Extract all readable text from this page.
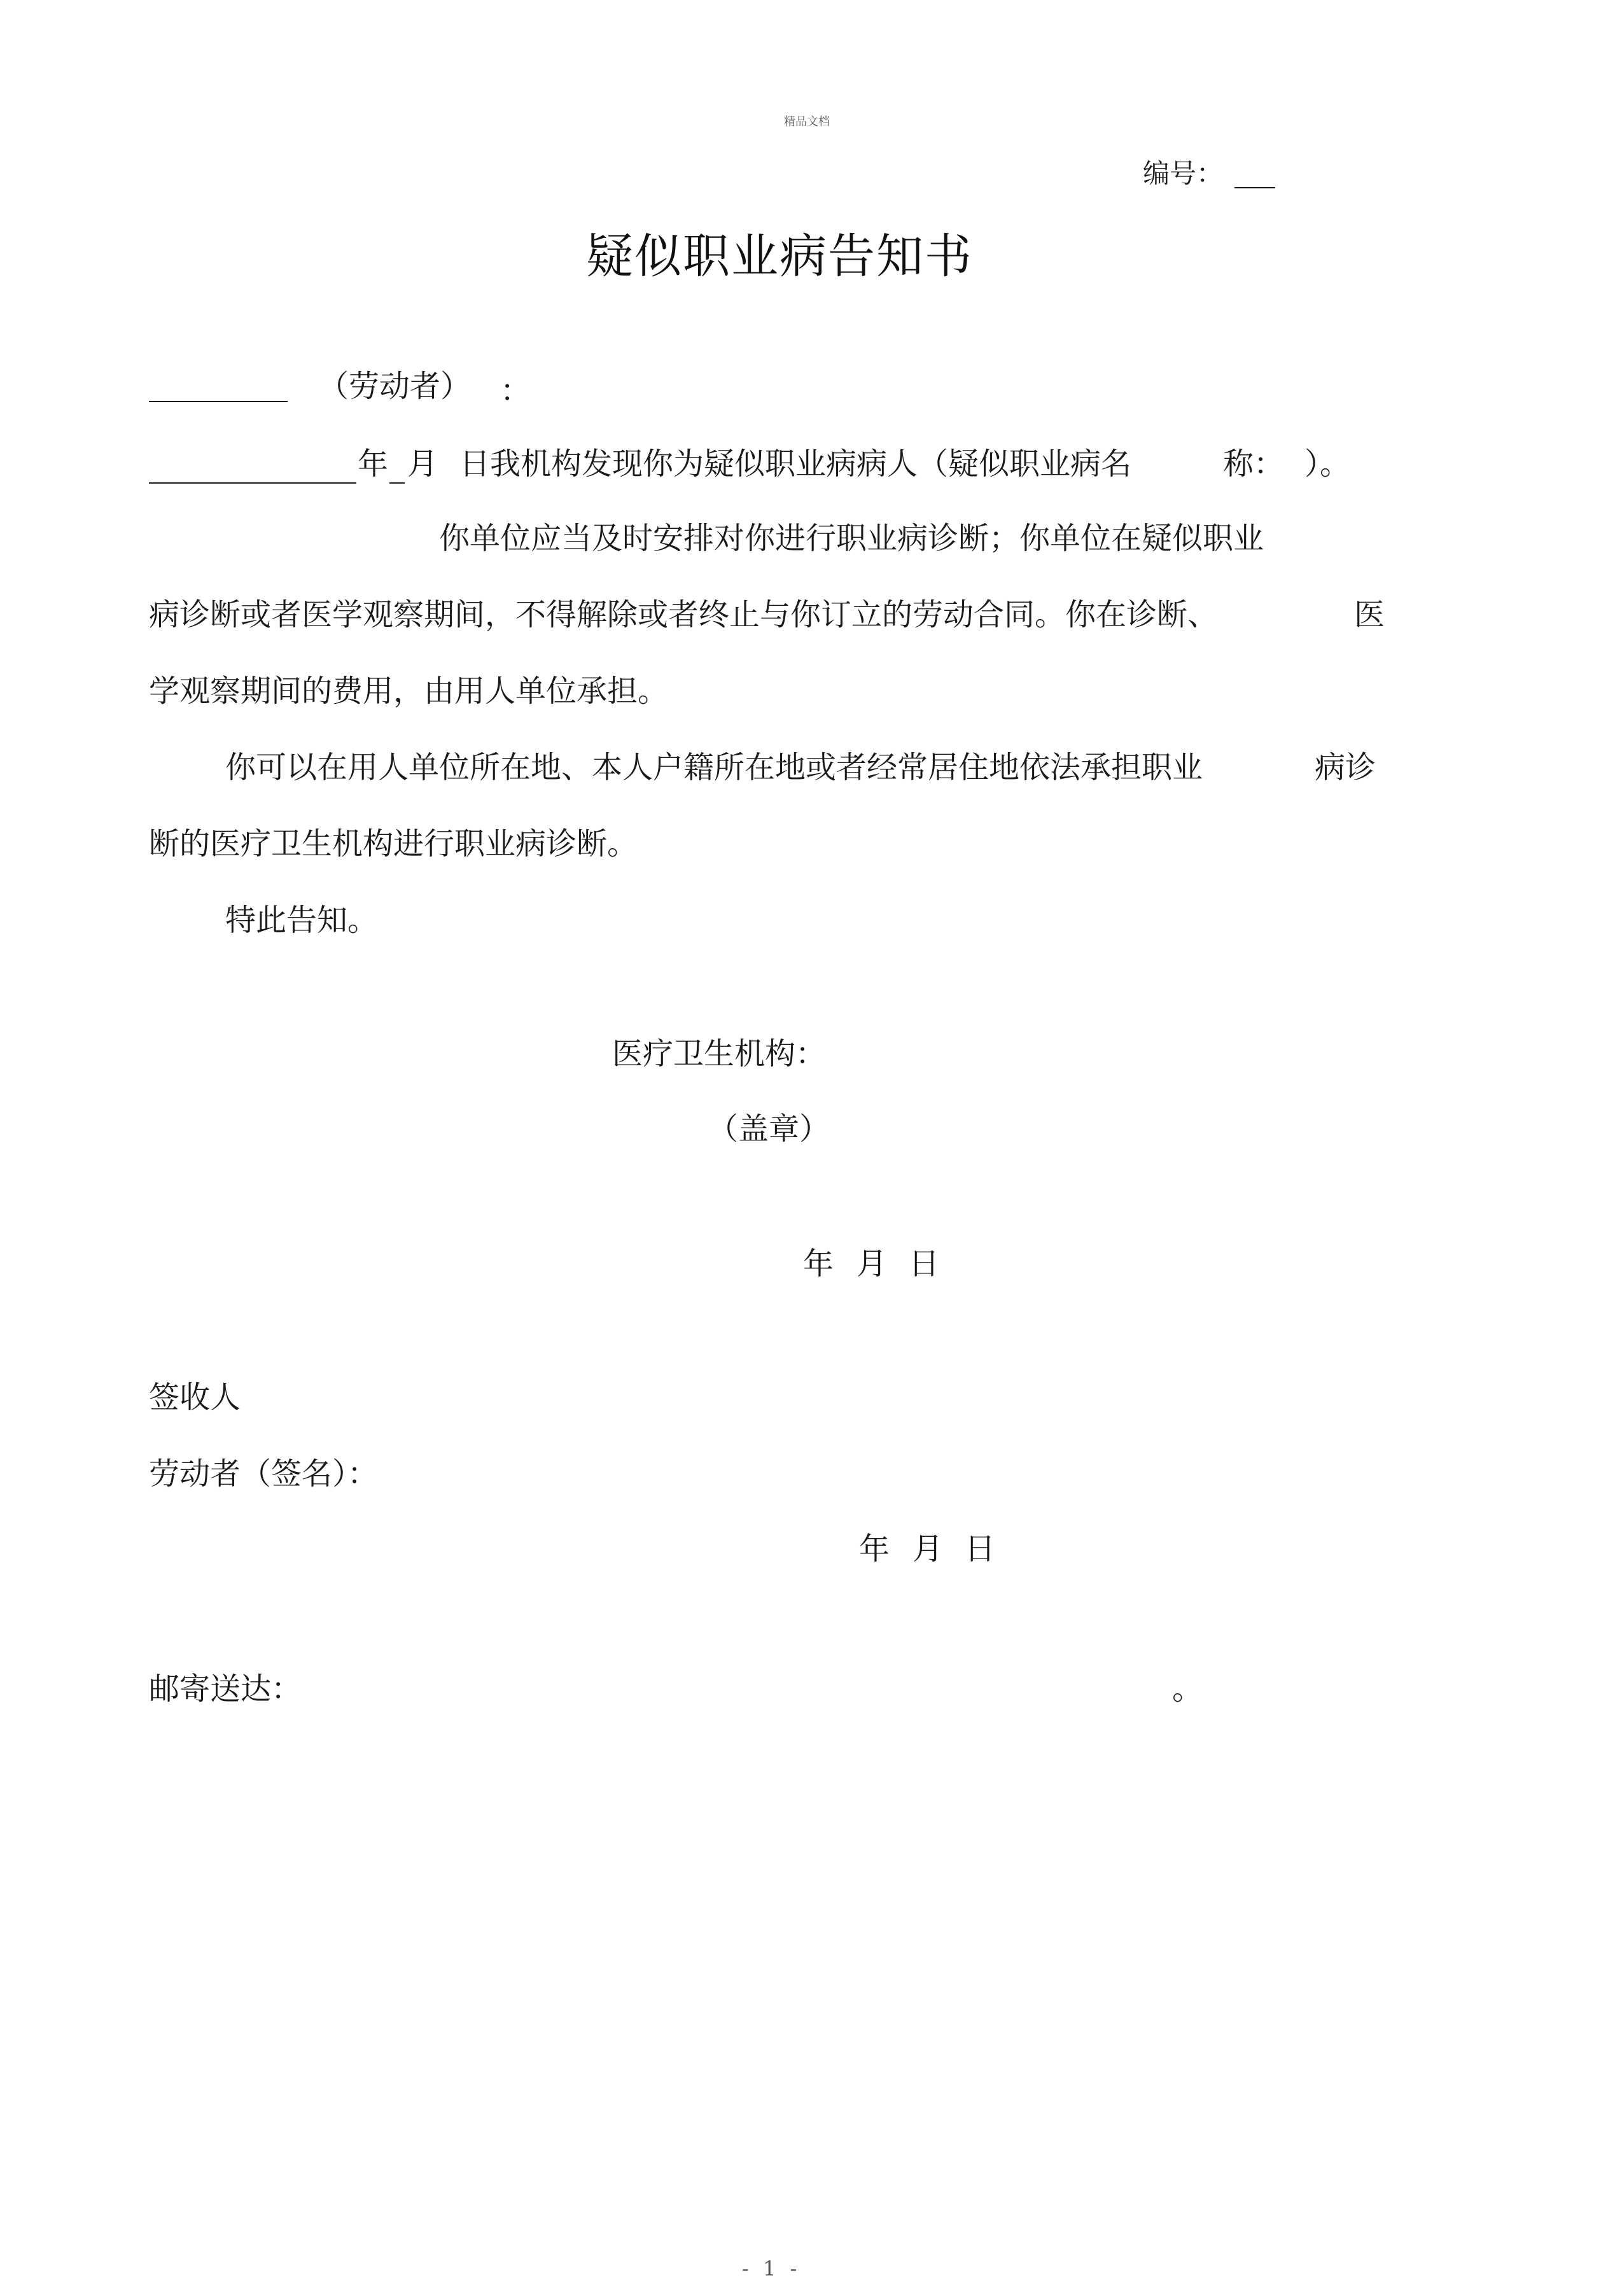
精品文档
编号：
疑似职业病告知书
（劳动者） ：
年 月 日我机构发现你为疑似职业病病人（疑似职业病名	称： ）。
你单位应当及时安排对你进行职业病诊断；你单位在疑似职业
病诊断或者医学观察期间，不得解除或者终止与你订立的劳动合同。你在诊断、	医
学观察期间的费用，由用人单位承担。
你可以在用人单位所在地、本人户籍所在地或者经常居住地依法承担职业	病诊
断的医疗卫生机构进行职业病诊断。
特此告知。
医疗卫生机构：
（盖章）
年 月 日
签收人
劳动者（签名）：
年 月 日
邮寄送达：	。
- 1 -
